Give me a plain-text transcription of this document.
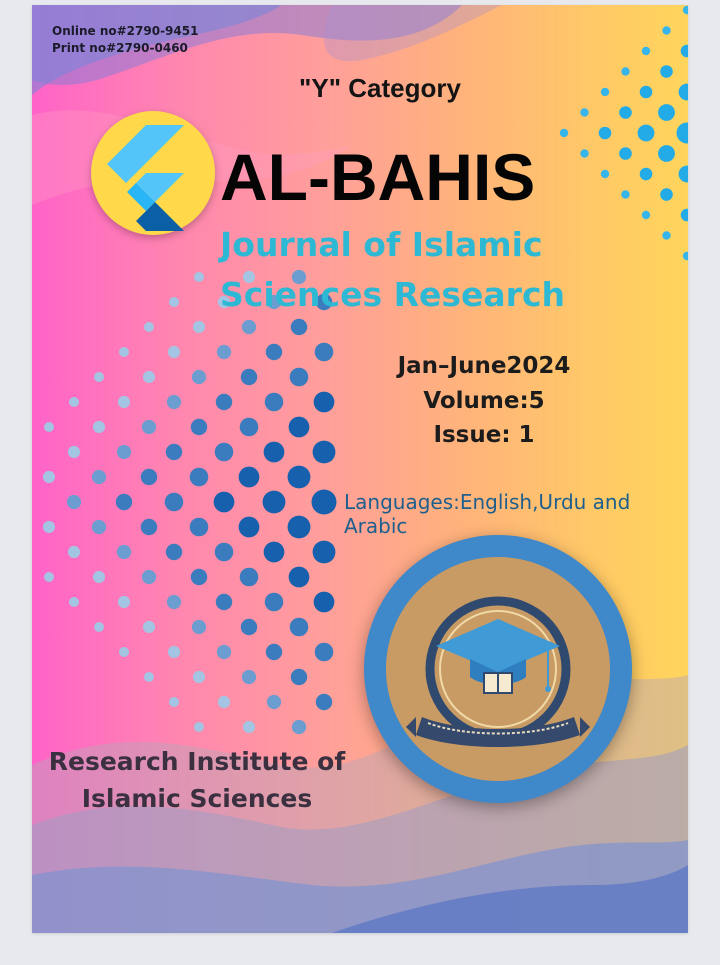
Online no#2790-9451
Print no#2790-0460
"Y" Category
AL-BAHIS
Journal of Islamic
Sciences Research
Jan–June2024
Volume:5
Issue: 1
Languages:English,Urdu and Arabic
Research Institute of
Islamic Sciences
